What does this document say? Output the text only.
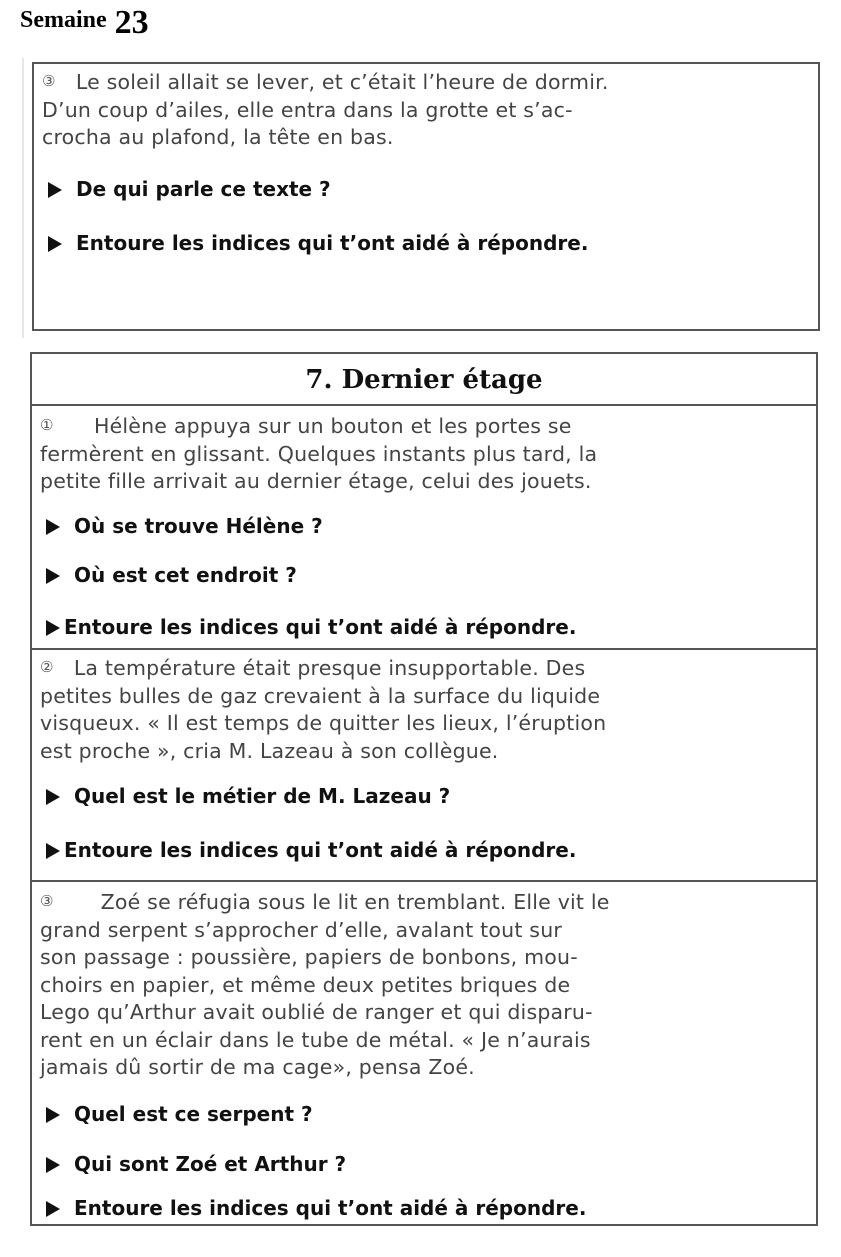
Semaine 23
③ Le soleil allait se lever, et c’était l’heure de dormir.
D’un coup d’ailes, elle entra dans la grotte et s’ac-
crocha au plafond, la tête en bas.
De qui parle ce texte ?
Entoure les indices qui t’ont aidé à répondre.
7. Dernier étage
① Hélène appuya sur un bouton et les portes se
fermèrent en glissant. Quelques instants plus tard, la
petite fille arrivait au dernier étage, celui des jouets.
Où se trouve Hélène ?
Où est cet endroit ?
Entoure les indices qui t’ont aidé à répondre.
② La température était presque insupportable. Des
petites bulles de gaz crevaient à la surface du liquide
visqueux. « Il est temps de quitter les lieux, l’éruption
est proche », cria M. Lazeau à son collègue.
Quel est le métier de M. Lazeau ?
Entoure les indices qui t’ont aidé à répondre.
③ Zoé se réfugia sous le lit en tremblant. Elle vit le
grand serpent s’approcher d’elle, avalant tout sur
son passage : poussière, papiers de bonbons, mou-
choirs en papier, et même deux petites briques de
Lego qu’Arthur avait oublié de ranger et qui disparu-
rent en un éclair dans le tube de métal. « Je n’aurais
jamais dû sortir de ma cage», pensa Zoé.
Quel est ce serpent ?
Qui sont Zoé et Arthur ?
Entoure les indices qui t’ont aidé à répondre.
